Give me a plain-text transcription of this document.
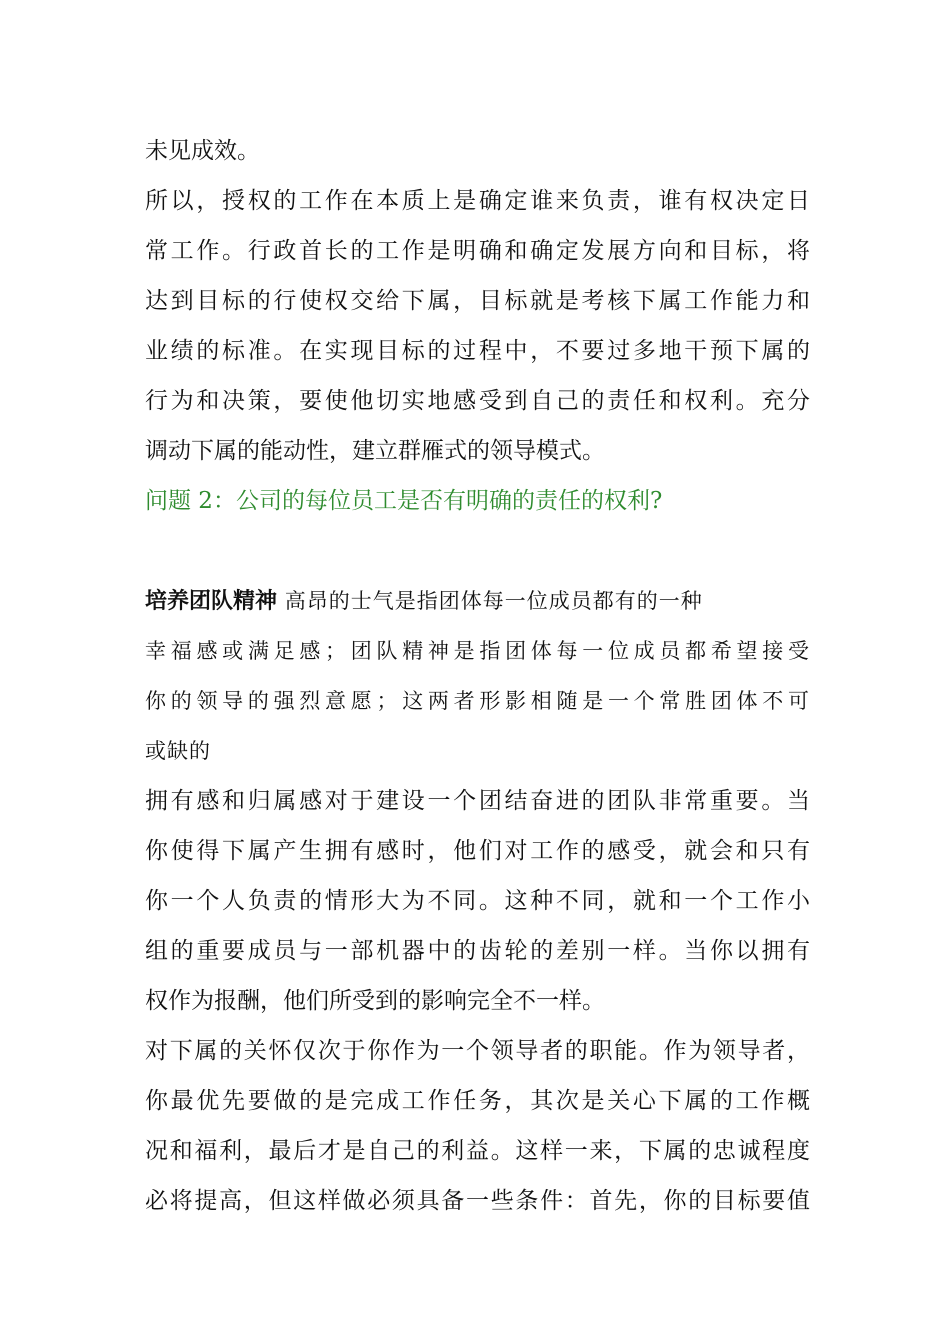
未见成效。
所以，授权的工作在本质上是确定谁来负责，谁有权决定日
常工作。行政首长的工作是明确和确定发展方向和目标，将
达到目标的行使权交给下属，目标就是考核下属工作能力和
业绩的标准。在实现目标的过程中，不要过多地干预下属的
行为和决策，要使他切实地感受到自己的责任和权利。充分
调动下属的能动性，建立群雁式的领导模式。
问题 2：公司的每位员工是否有明确的责任的权利?
培养团队精神 高昂的士气是指团体每一位成员都有的一种
幸福感或满足感；团队精神是指团体每一位成员都希望接受
你的领导的强烈意愿；这两者形影相随是一个常胜团体不可
或缺的
拥有感和归属感对于建设一个团结奋进的团队非常重要。当
你使得下属产生拥有感时，他们对工作的感受，就会和只有
你一个人负责的情形大为不同。这种不同，就和一个工作小
组的重要成员与一部机器中的齿轮的差别一样。当你以拥有
权作为报酬，他们所受到的影响完全不一样。
对下属的关怀仅次于你作为一个领导者的职能。作为领导者，
你最优先要做的是完成工作任务，其次是关心下属的工作概
况和福利，最后才是自己的利益。这样一来，下属的忠诚程度
必将提高，但这样做必须具备一些条件：首先，你的目标要值
